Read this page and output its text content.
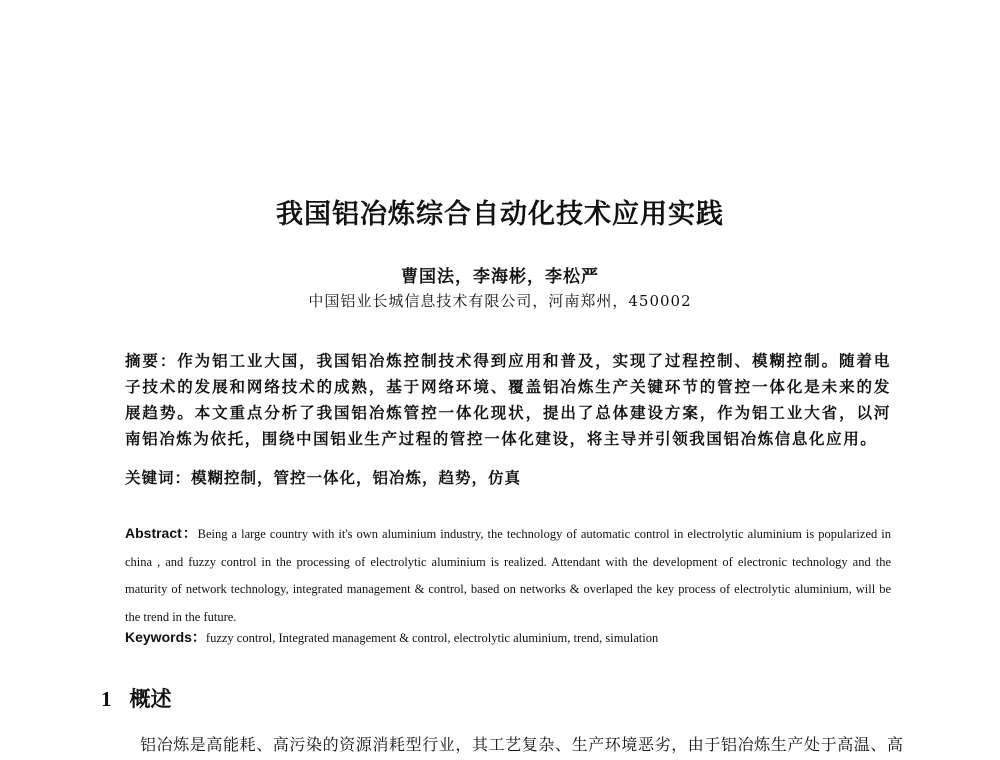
我国铝冶炼综合自动化技术应用实践
曹国法，李海彬，李松严
中国铝业长城信息技术有限公司，河南郑州，450002

摘要：作为铝工业大国，我国铝冶炼控制技术得到应用和普及，实现了过程控制、模糊控制。随着电子技术的发展和网络技术的成熟，基于网络环境、覆盖铝冶炼生产关键环节的管控一体化是未来的发展趋势。本文重点分析了我国铝冶炼管控一体化现状，提出了总体建设方案，作为铝工业大省，以河南铝冶炼为依托，围绕中国铝业生产过程的管控一体化建设，将主导并引领我国铝冶炼信息化应用。

关键词：模糊控制，管控一体化，铝冶炼，趋势，仿真

Abstract：Being a large country with it's own aluminium industry, the technology of automatic control in electrolytic aluminium is popularized in china , and fuzzy control in the processing of electrolytic aluminium is realized. Attendant with the development of electronic technology and the maturity of network technology, integrated management & control, based on networks & overlaped the key process of electrolytic aluminium, will be the trend in the future.

Keywords：fuzzy control, Integrated management & control, electrolytic aluminium, trend, simulation
1 概述

铝冶炼是高能耗、高污染的资源消耗型行业，其工艺复杂、生产环境恶劣，由于铝冶炼生产处于高温、高
